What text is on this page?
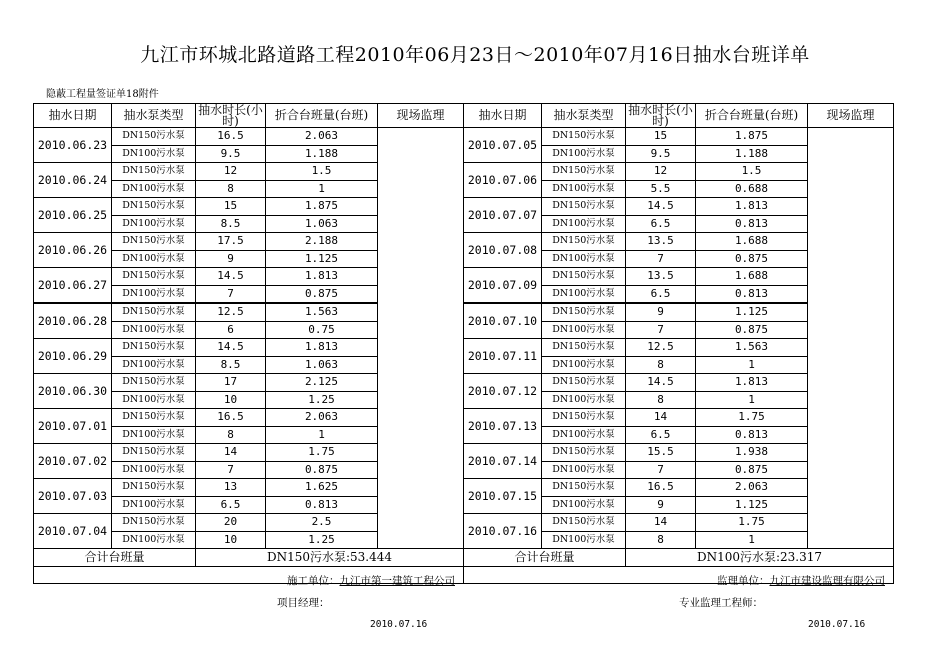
九江市环城北路道路工程2010年06月23日～2010年07月16日抽水台班详单
隐蔽工程量签证单18附件
抽水日期	抽水泵类型	抽水时长(小时)	折合台班量(台班)	现场监理	抽水日期	抽水泵类型	抽水时长(小时)	折合台班量(台班)	现场监理
2010.06.23	DN150污水泵	16.5	2.063		2010.07.05	DN150污水泵	15	1.875	
	DN100污水泵	9.5	1.188			DN100污水泵	9.5	1.188	
2010.06.24	DN150污水泵	12	1.5		2010.07.06	DN150污水泵	12	1.5	
	DN100污水泵	8	1			DN100污水泵	5.5	0.688	
2010.06.25	DN150污水泵	15	1.875		2010.07.07	DN150污水泵	14.5	1.813	
	DN100污水泵	8.5	1.063			DN100污水泵	6.5	0.813	
2010.06.26	DN150污水泵	17.5	2.188		2010.07.08	DN150污水泵	13.5	1.688	
	DN100污水泵	9	1.125			DN100污水泵	7	0.875	
2010.06.27	DN150污水泵	14.5	1.813		2010.07.09	DN150污水泵	13.5	1.688	
	DN100污水泵	7	0.875			DN100污水泵	6.5	0.813	
2010.06.28	DN150污水泵	12.5	1.563		2010.07.10	DN150污水泵	9	1.125	
	DN100污水泵	6	0.75			DN100污水泵	7	0.875	
2010.06.29	DN150污水泵	14.5	1.813		2010.07.11	DN150污水泵	12.5	1.563	
	DN100污水泵	8.5	1.063			DN100污水泵	8	1	
2010.06.30	DN150污水泵	17	2.125		2010.07.12	DN150污水泵	14.5	1.813	
	DN100污水泵	10	1.25			DN100污水泵	8	1	
2010.07.01	DN150污水泵	16.5	2.063		2010.07.13	DN150污水泵	14	1.75	
	DN100污水泵	8	1			DN100污水泵	6.5	0.813	
2010.07.02	DN150污水泵	14	1.75		2010.07.14	DN150污水泵	15.5	1.938	
	DN100污水泵	7	0.875			DN100污水泵	7	0.875	
2010.07.03	DN150污水泵	13	1.625		2010.07.15	DN150污水泵	16.5	2.063	
	DN100污水泵	6.5	0.813			DN100污水泵	9	1.125	
2010.07.04	DN150污水泵	20	2.5		2010.07.16	DN150污水泵	14	1.75	
	DN100污水泵	10	1.25			DN100污水泵	8	1	
合计台班量		DN150污水泵:53.444			合计台班量		DN100污水泵:23.317		

施工单位：九江市第一建筑工程公司
项目经理：
2010.07.16					监理单位：九江市建设监理有限公司
专业监理工程师：
2010.07.16				
